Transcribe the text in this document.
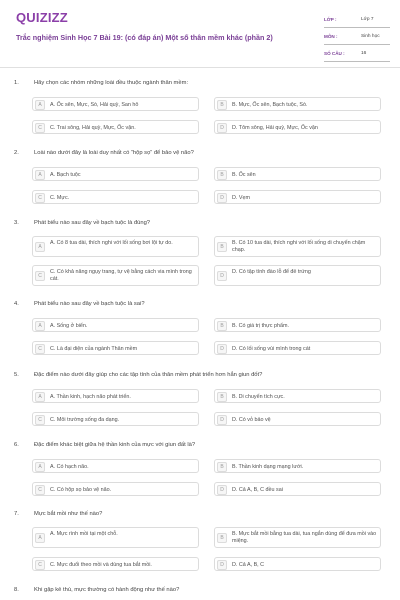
QUIZIZZ
Trắc nghiệm Sinh Học 7 Bài 19: (có đáp án) Một số thân mềm khác (phần 2)
LỚP :	Lớp 7
MÔN :	Sinh học
SỐ CÂU :	16
1.	Hãy chọn các nhóm những loài đều thuộc ngành thân mềm:
A	A. Ốc sên, Mực, Sò, Hải quỳ, San hô	B	B. Mực, Ốc sên, Bạch tuộc, Sò.
C	C. Trai sông, Hải quỳ, Mực, Ốc vặn.	D	D. Tôm sông, Hải quỳ, Mực, Ốc vặn
2.	Loài nào dưới đây là loài duy nhất có “hộp sọ” để bảo vệ não?
A	A. Bạch tuộc	B	B. Ốc sên
C	C. Mực.	D	D. Vẹm
3.	Phát biểu nào sau đây về bạch tuộc là đúng?
A
A. Có 8 tua dài, thích nghi với lối sống bơi lội tự do.
B
B. Có 10 tua dài, thích nghi với lối sống di chuyển chậm chạp.
C
C. Có khả năng ngụy trang, tự vệ bằng cách via mình trong cát.	D
D. Có tập tính đào lỗ để đẻ trứng
4.	Phát biểu nào sau đây về bạch tuộc là sai?
A	A. Sống ở biển.	B	B. Có giá trị thực phẩm.
C	C. Là đại diện của ngành Thân mềm	D	D. Có lối sống vùi mình trong cát
5.	Đặc điểm nào dưới đây giúp cho các tập tính của thân mềm phát triển hơn hẳn giun đốt?
A	A. Thần kinh, hạch não phát triển.	B	B. Di chuyển tích cực.
C	C. Môi trường sống đa dạng.	D	D. Có vỏ bảo vệ
6.	Đặc điểm khác biệt giữa hệ thần kinh của mực với giun đất là?
A	A. Có hạch não.	B	B. Thần kinh dạng mạng lưới.
C	C. Có hộp sọ bảo vệ não.	D	D. Cả A, B, C đều sai
7.	Mực bắt mồi như thế nào?
A
A. Mực rình mồi tại một chỗ.
B
B. Mực bắt mồi bằng tua dài, tua ngắn dùng để đưa mồi vào miệng.
C	C. Mực đuổi theo mồi và dùng tua bắt mồi.	D	D. Cả A, B, C
8.	Khi gặp kẻ thù, mực thường có hành động như thế nào?
